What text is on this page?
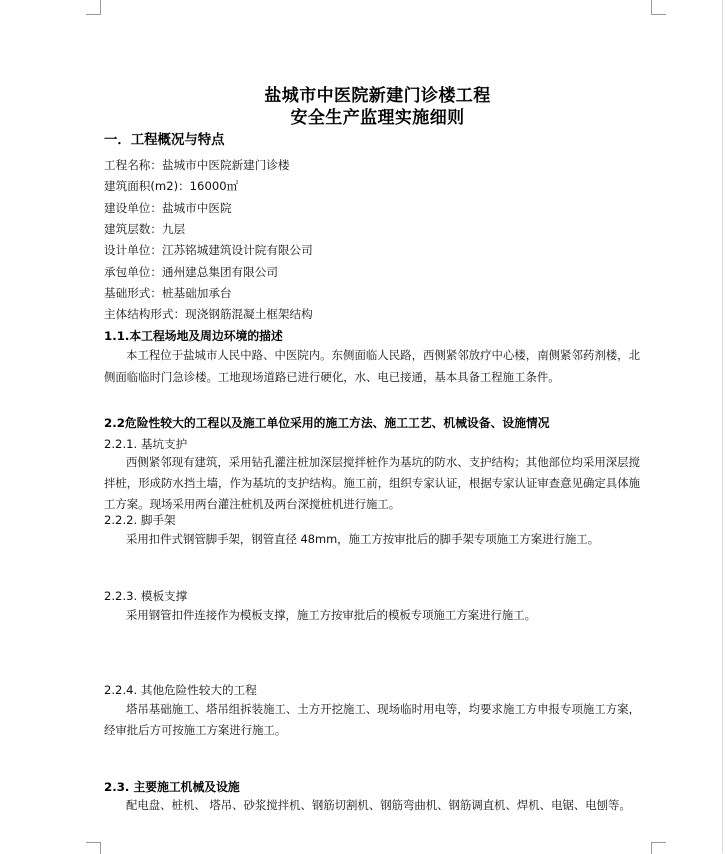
盐城市中医院新建门诊楼工程
安全生产监理实施细则
一．工程概况与特点
工程名称：盐城市中医院新建门诊楼
建筑面积(m2)：16000㎡
建设单位：盐城市中医院
建筑层数：九层
设计单位：江苏铭城建筑设计院有限公司
承包单位：通州建总集团有限公司
基础形式：桩基础加承台
主体结构形式：现浇钢筋混凝土框架结构
1.1.本工程场地及周边环境的描述
本工程位于盐城市人民中路、中医院内。东侧面临人民路，西侧紧邻放疗中心楼，南侧紧邻药剂楼，北侧面临临时门急诊楼。工地现场道路已进行硬化，水、电已接通，基本具备工程施工条件。
2.2危险性较大的工程以及施工单位采用的施工方法、施工工艺、机械设备、设施情况
2.2.1. 基坑支护
西侧紧邻现有建筑，采用钻孔灌注桩加深层搅拌桩作为基坑的防水、支护结构；其他部位均采用深层搅拌桩，形成防水挡土墙，作为基坑的支护结构。施工前，组织专家认证，根据专家认证审查意见确定具体施工方案。现场采用两台灌注桩机及两台深搅桩机进行施工。
2.2.2. 脚手架
采用扣件式钢管脚手架，钢管直径 48mm，施工方按审批后的脚手架专项施工方案进行施工。
2.2.3. 模板支撑
采用钢管扣件连接作为模板支撑，施工方按审批后的模板专项施工方案进行施工。
2.2.4. 其他危险性较大的工程
塔吊基础施工、塔吊组拆装施工、土方开挖施工、现场临时用电等，均要求施工方申报专项施工方案，经审批后方可按施工方案进行施工。
2.3. 主要施工机械及设施
配电盘、桩机、 塔吊、砂浆搅拌机、钢筋切割机、钢筋弯曲机、钢筋调直机、焊机、电锯、电刨等。
